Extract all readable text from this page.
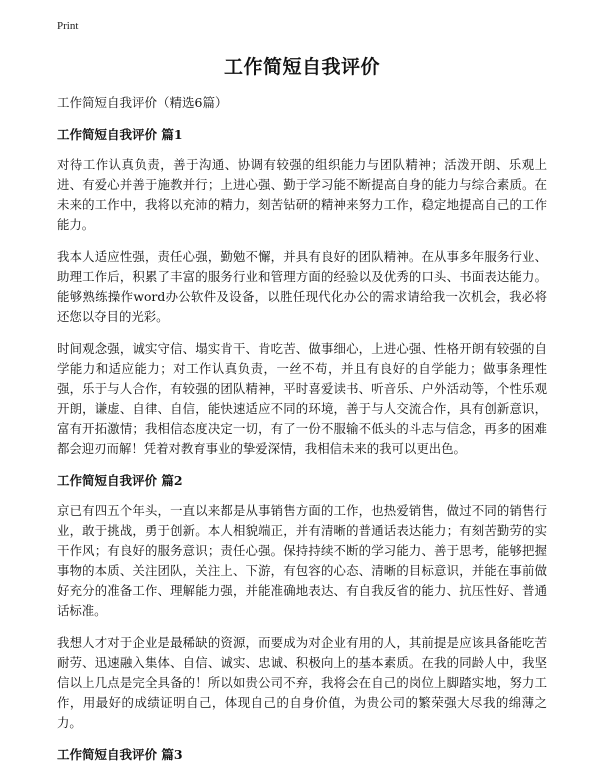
Print
工作简短自我评价

工作简短自我评价（精选6篇）

工作简短自我评价 篇1

对待工作认真负责，善于沟通、协调有较强的组织能力与团队精神；活泼开朗、乐观上进、有爱心并善于施教并行；上进心强、勤于学习能不断提高自身的能力与综合素质。在未来的工作中，我将以充沛的精力，刻苦钻研的精神来努力工作，稳定地提高自己的工作能力。

我本人适应性强，责任心强，勤勉不懈，并具有良好的团队精神。在从事多年服务行业、助理工作后，积累了丰富的服务行业和管理方面的经验以及优秀的口头、书面表达能力。能够熟练操作word办公软件及设备，以胜任现代化办公的需求请给我一次机会，我必将还您以夺目的光彩。

时间观念强，诚实守信、塌实肯干、肯吃苦、做事细心，上进心强、性格开朗有较强的自学能力和适应能力；对工作认真负责，一丝不苟，并且有良好的自学能力；做事条理性强，乐于与人合作，有较强的团队精神，平时喜爱读书、听音乐、户外活动等，个性乐观开朗，谦虚、自律、自信，能快速适应不同的环境，善于与人交流合作，具有创新意识，富有开拓激情；我相信态度决定一切，有了一份不服输不低头的斗志与信念，再多的困难都会迎刃而解！凭着对教育事业的挚爱深情，我相信未来的我可以更出色。

工作简短自我评价 篇2

京已有四五个年头，一直以来都是从事销售方面的工作，也热爱销售，做过不同的销售行业，敢于挑战，勇于创新。本人相貌端正，并有清晰的普通话表达能力；有刻苦勤劳的实干作风；有良好的服务意识；责任心强。保持持续不断的学习能力、善于思考，能够把握事物的本质、关注团队，关注上、下游，有包容的心态、清晰的目标意识，并能在事前做好充分的准备工作、理解能力强，并能准确地表达、有自我反省的能力、抗压性好、普通话标准。

我想人才对于企业是最稀缺的资源，而要成为对企业有用的人，其前提是应该具备能吃苦耐劳、迅速融入集体、自信、诚实、忠诚、积极向上的基本素质。在我的同龄人中，我坚信以上几点是完全具备的！所以如贵公司不弃，我将会在自己的岗位上脚踏实地，努力工作，用最好的成绩证明自己，体现自己的自身价值，为贵公司的繁荣强大尽我的绵薄之力。

工作简短自我评价 篇3
